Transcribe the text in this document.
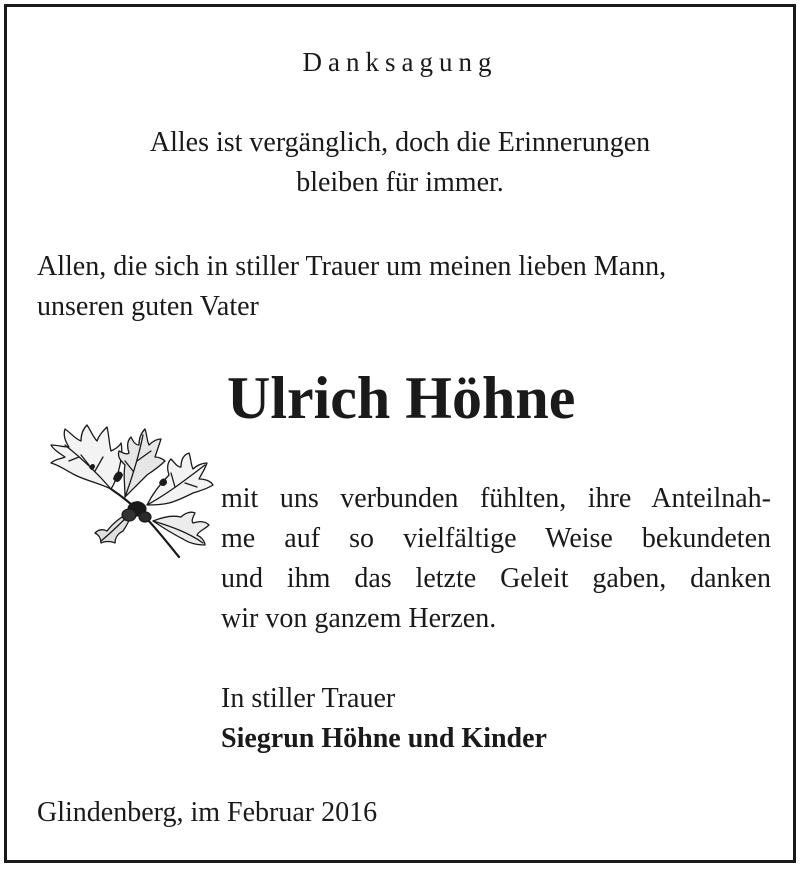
Danksagung
Alles ist vergänglich, doch die Erinnerungen
bleiben für immer.
Allen, die sich in stiller Trauer um meinen lieben Mann,
unseren guten Vater
Ulrich Höhne
mit uns verbunden fühlten, ihre Anteilnah-
me auf so vielfältige Weise bekundeten
und ihm das letzte Geleit gaben, danken
wir von ganzem Herzen.
In stiller Trauer
Siegrun Höhne und Kinder
Glindenberg, im Februar 2016
